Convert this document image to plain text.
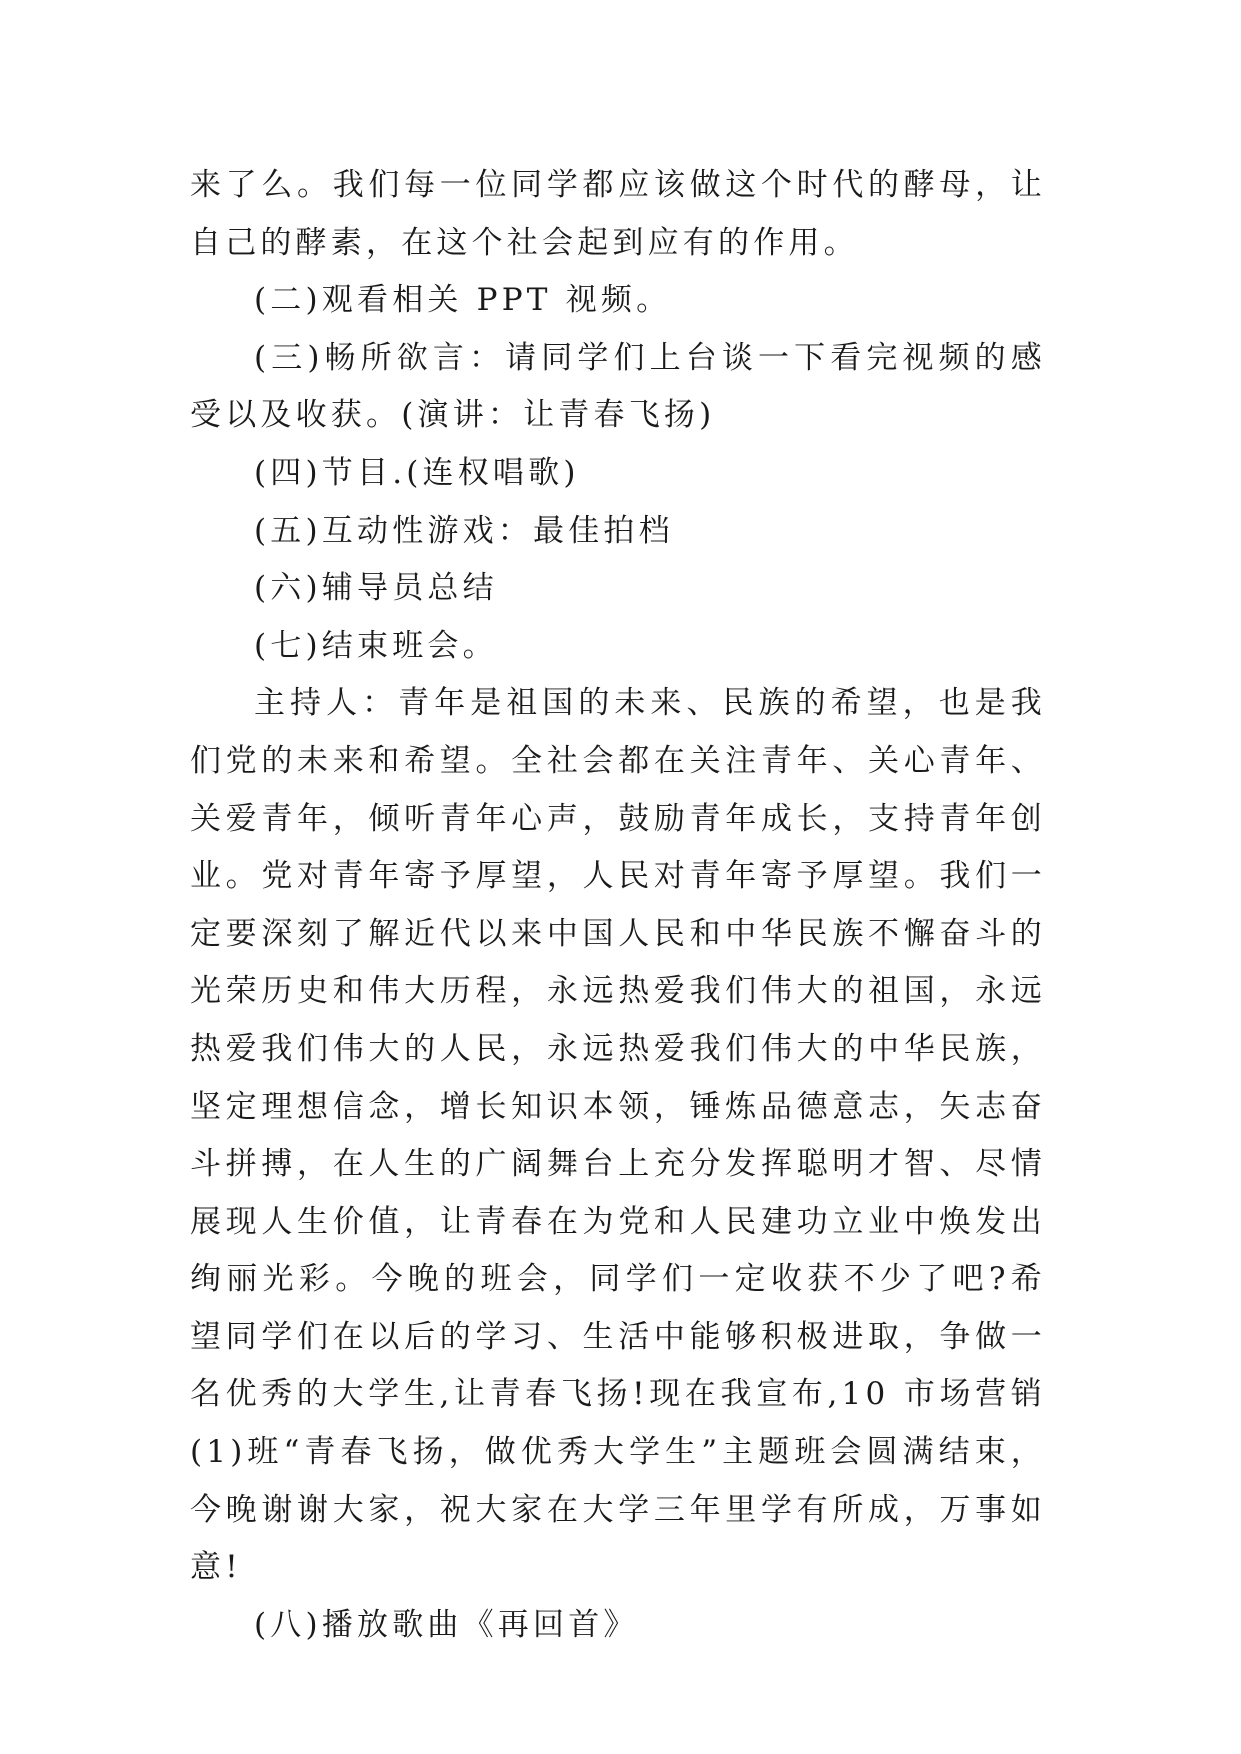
来了么。我们每一位同学都应该做这个时代的酵母，让自己的酵素，在这个社会起到应有的作用。

(二)观看相关 PPT 视频。

(三)畅所欲言：请同学们上台谈一下看完视频的感受以及收获。(演讲：让青春飞扬)

(四)节目.(连权唱歌)

(五)互动性游戏：最佳拍档

(六)辅导员总结

(七)结束班会。

主持人：青年是祖国的未来、民族的希望，也是我们党的未来和希望。全社会都在关注青年、关心青年、关爱青年，倾听青年心声，鼓励青年成长，支持青年创业。党对青年寄予厚望，人民对青年寄予厚望。我们一定要深刻了解近代以来中国人民和中华民族不懈奋斗的光荣历史和伟大历程，永远热爱我们伟大的祖国，永远热爱我们伟大的人民，永远热爱我们伟大的中华民族，坚定理想信念，增长知识本领，锤炼品德意志，矢志奋斗拼搏，在人生的广阔舞台上充分发挥聪明才智、尽情展现人生价值，让青春在为党和人民建功立业中焕发出绚丽光彩。今晚的班会，同学们一定收获不少了吧?希望同学们在以后的学习、生活中能够积极进取，争做一名优秀的大学生,让青春飞扬!现在我宣布,10 市场营销(1)班“青春飞扬，做优秀大学生”主题班会圆满结束，今晚谢谢大家，祝大家在大学三年里学有所成，万事如意!

(八)播放歌曲《再回首》
